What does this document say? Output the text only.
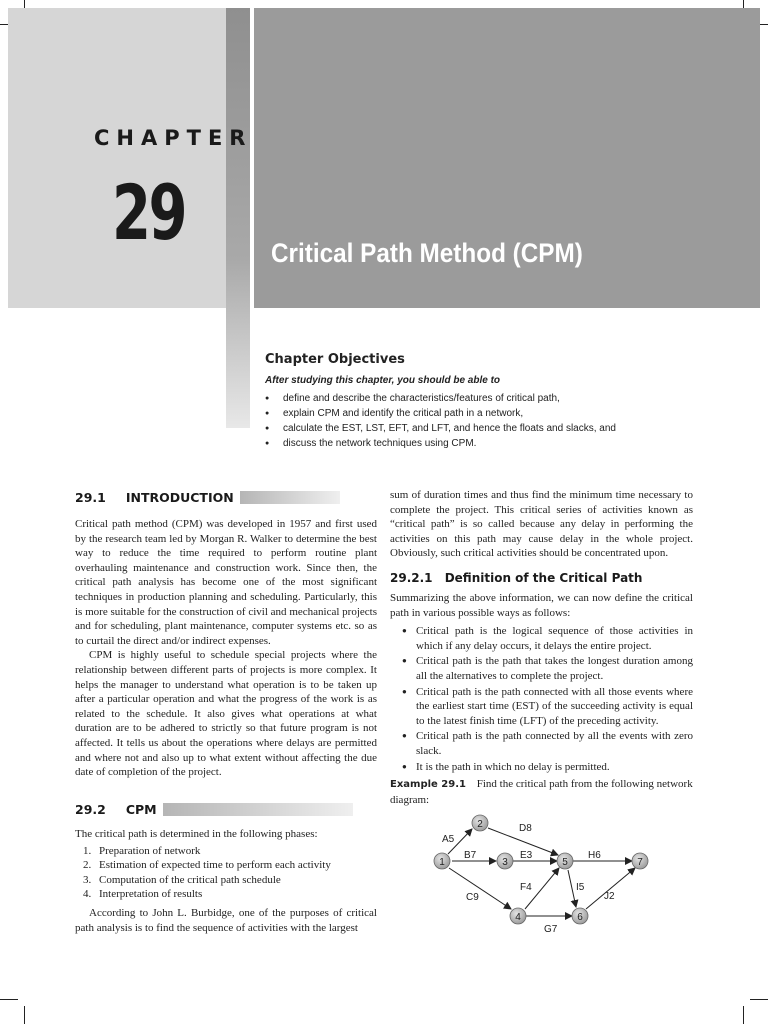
CHAPTER
29	Critical Path Method (CPM)
Chapter Objectives
After studying this chapter, you should be able to
● define and describe the characteristics/features of critical path,
● explain CPM and identify the critical path in a network,
● calculate the EST, LST, EFT, and LFT, and hence the floats and slacks, and
● discuss the network techniques using CPM.
29.1 INTRODUCTION

Critical path method (CPM) was developed in 1957 and first used by the research team led by Morgan R. Walker to determine the best way to reduce the time required to perform routine plant overhauling maintenance and construction work. Since then, the critical path analysis has become one of the most significant techniques in production planning and scheduling. Particularly, this is more suitable for the construction of civil and mechanical projects and for scheduling, plant maintenance, computer systems etc. so as to curtail the direct and/or indirect expenses.

CPM is highly useful to schedule special projects where the relationship between different parts of projects is more complex. It helps the manager to understand what operation is to be taken up after a particular operation and what the progress of the work is as related to the schedule. It also gives what operations at what duration are to be adhered to strictly so that future program is not affected. It tells us about the operations where delays are permitted and where not and also up to what extent without affecting the due date of completion of the project.

29.2 CPM

The critical path is determined in the following phases:

1. Preparation of network
2. Estimation of expected time to perform each activity
3. Computation of the critical path schedule
4. Interpretation of results

According to John L. Burbidge, one of the purposes of critical path analysis is to find the sequence of activities with the largest

sum of duration times and thus find the minimum time necessary to complete the project. This critical series of activities known as “critical path” is so called because any delay in performing the activities on this path may cause delay in the whole project. Obviously, such critical activities should be concentrated upon.

29.2.1 Definition of the Critical Path

Summarizing the above information, we can now define the critical path in various possible ways as follows:

● Critical path is the logical sequence of those activities in which if any delay occurs, it delays the entire project.
● Critical path is the path that takes the longest duration among all the alternatives to complete the project.
● Critical path is the path connected with all those events where the earliest start time (EST) of the succeeding activity is equal to the latest finish time (LFT) of the preceding activity.
● Critical path is the path connected by all the events with zero slack.
● It is the path in which no delay is permitted.

Example 29.1 Find the critical path from the following network diagram:

1
2
3
4
5
6
7
A5
B7
C9
D8
E3
F4
G7
H6
I5
J2
